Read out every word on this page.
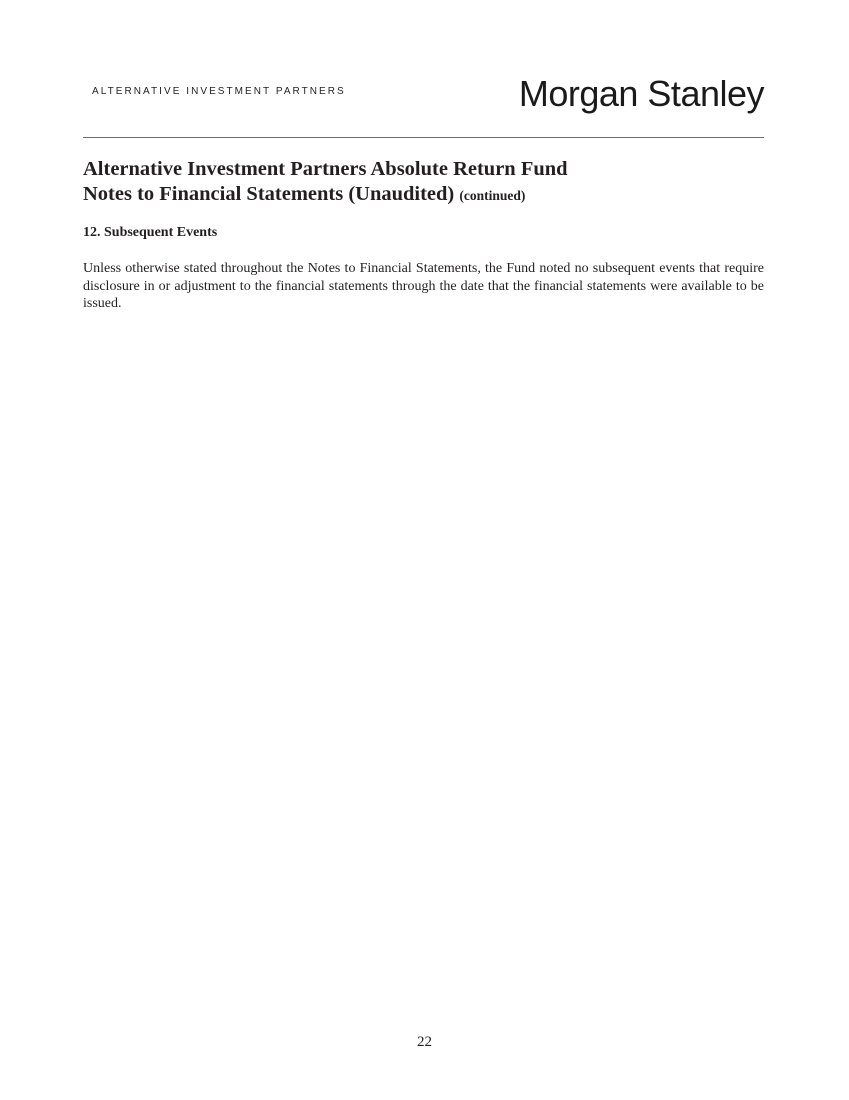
ALTERNATIVE INVESTMENT PARTNERS	Morgan Stanley
Alternative Investment Partners Absolute Return Fund
Notes to Financial Statements (Unaudited) (continued)
12. Subsequent Events
Unless otherwise stated throughout the Notes to Financial Statements, the Fund noted no subsequent events that require disclosure in or adjustment to the financial statements through the date that the financial statements were available to be issued.
22
